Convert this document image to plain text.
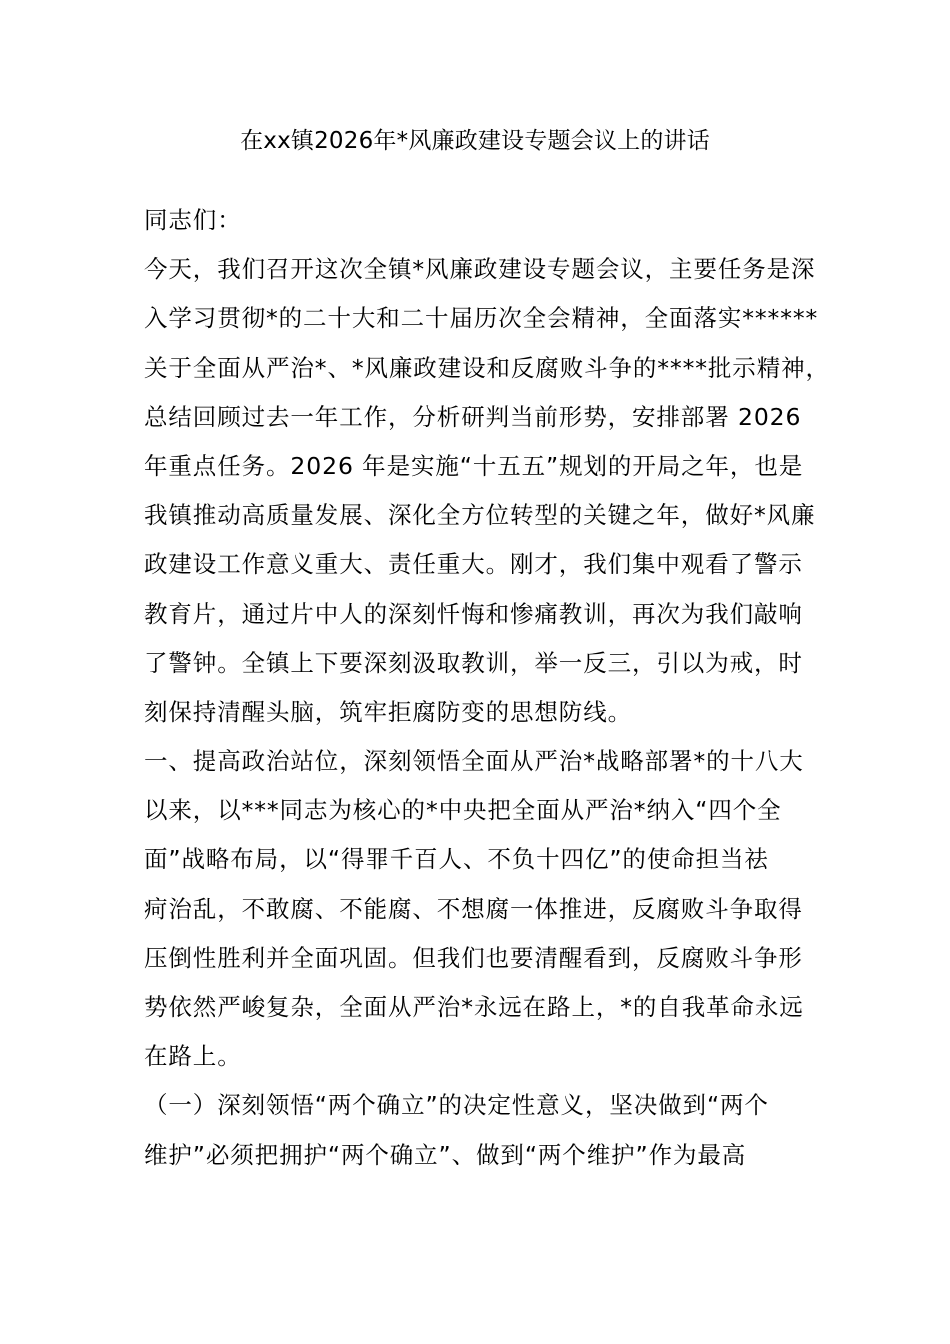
在xx镇2026年*风廉政建设专题会议上的讲话
同志们：
今天，我们召开这次全镇*风廉政建设专题会议，主要任务是深
入学习贯彻*的二十大和二十届历次全会精神，全面落实******
关于全面从严治*、*风廉政建设和反腐败斗争的****批示精神，
总结回顾过去一年工作，分析研判当前形势，安排部署 2026
年重点任务。2026 年是实施“十五五”规划的开局之年，也是
我镇推动高质量发展、深化全方位转型的关键之年，做好*风廉
政建设工作意义重大、责任重大。刚才，我们集中观看了警示
教育片，通过片中人的深刻忏悔和惨痛教训，再次为我们敲响
了警钟。全镇上下要深刻汲取教训，举一反三，引以为戒，时
刻保持清醒头脑，筑牢拒腐防变的思想防线。
一、提高政治站位，深刻领悟全面从严治*战略部署*的十八大
以来，以***同志为核心的*中央把全面从严治*纳入“四个全
面”战略布局，以“得罪千百人、不负十四亿”的使命担当祛
疴治乱，不敢腐、不能腐、不想腐一体推进，反腐败斗争取得
压倒性胜利并全面巩固。但我们也要清醒看到，反腐败斗争形
势依然严峻复杂，全面从严治*永远在路上，*的自我革命永远
在路上。
（一）深刻领悟“两个确立”的决定性意义，坚决做到“两个
维护”必须把拥护“两个确立”、做到“两个维护”作为最高
